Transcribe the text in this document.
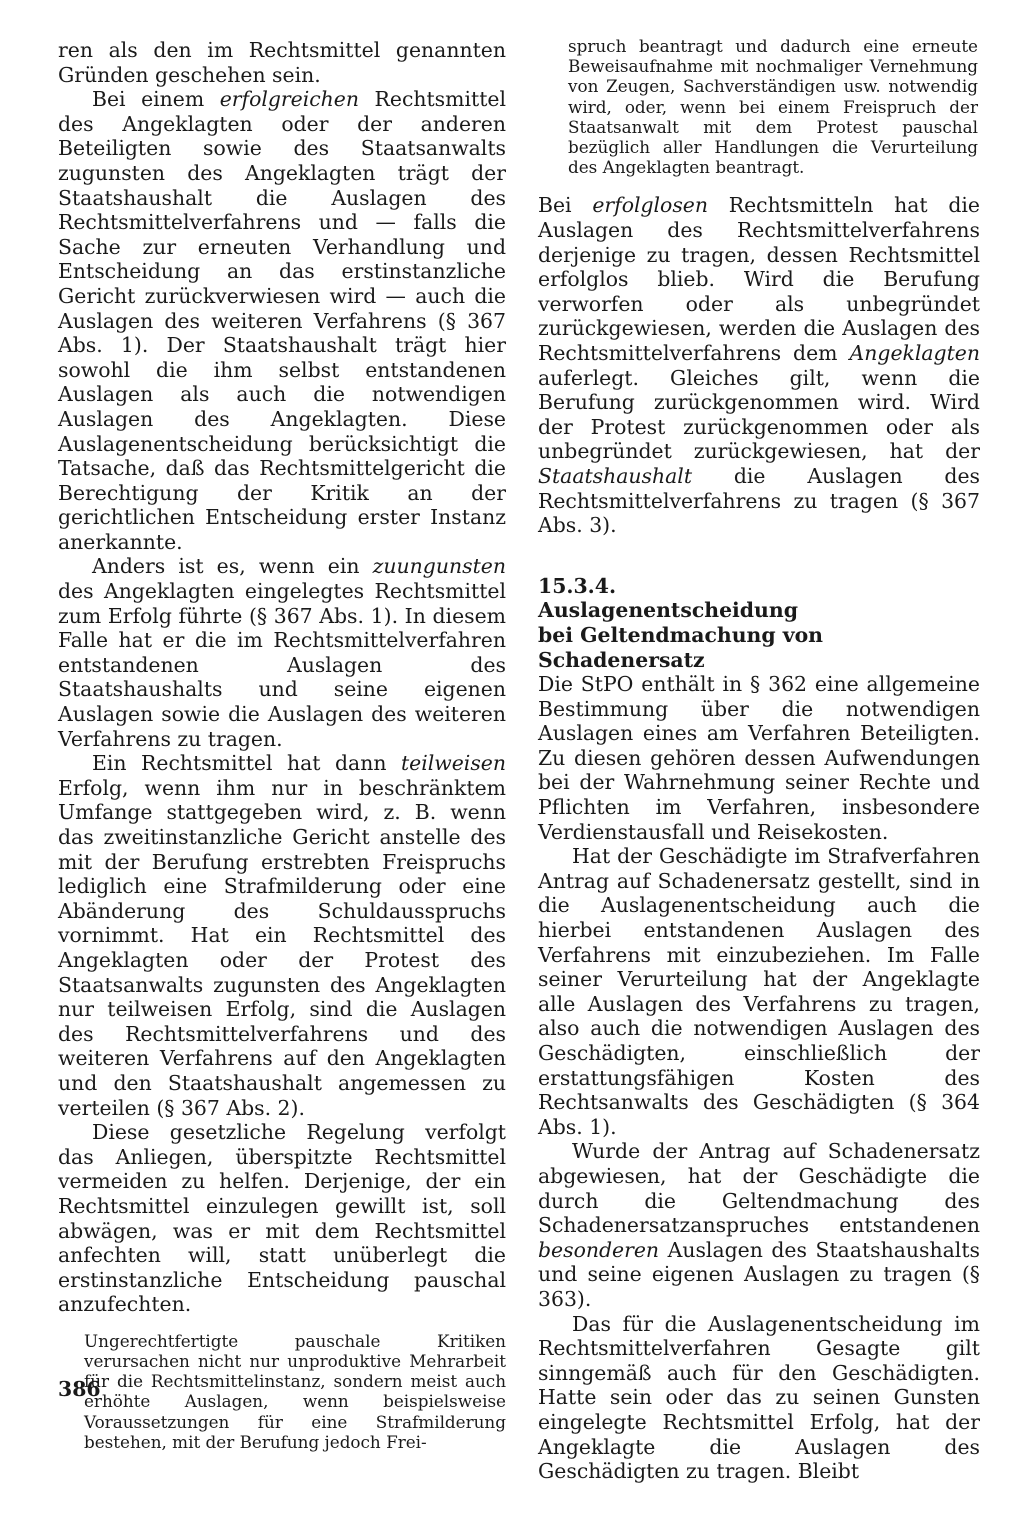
ren als den im Rechtsmittel genannten Gründen geschehen sein.

Bei einem erfolgreichen Rechtsmittel des Angeklagten oder der anderen Beteiligten sowie des Staatsanwalts zugunsten des Angeklagten trägt der Staatshaushalt die Auslagen des Rechtsmittelverfahrens und — falls die Sache zur erneuten Verhandlung und Entscheidung an das erstinstanzliche Gericht zurückverwiesen wird — auch die Auslagen des weiteren Verfahrens (§ 367 Abs. 1). Der Staatshaushalt trägt hier sowohl die ihm selbst entstandenen Auslagen als auch die notwendigen Auslagen des Angeklagten. Diese Auslagenentscheidung berücksichtigt die Tatsache, daß das Rechtsmittelgericht die Berechtigung der Kritik an der gerichtlichen Entscheidung erster Instanz anerkannte.

Anders ist es, wenn ein zuungunsten des Angeklagten eingelegtes Rechtsmittel zum Erfolg führte (§ 367 Abs. 1). In diesem Falle hat er die im Rechtsmittelverfahren entstandenen Auslagen des Staatshaushalts und seine eigenen Auslagen sowie die Auslagen des weiteren Verfahrens zu tragen.

Ein Rechtsmittel hat dann teilweisen Erfolg, wenn ihm nur in beschränktem Umfange stattgegeben wird, z. B. wenn das zweitinstanzliche Gericht anstelle des mit der Berufung erstrebten Freispruchs lediglich eine Strafmilderung oder eine Abänderung des Schuldausspruchs vornimmt. Hat ein Rechtsmittel des Angeklagten oder der Protest des Staatsanwalts zugunsten des Angeklagten nur teilweisen Erfolg, sind die Auslagen des Rechtsmittelverfahrens und des weiteren Verfahrens auf den Angeklagten und den Staatshaushalt angemessen zu verteilen (§ 367 Abs. 2).

Diese gesetzliche Regelung verfolgt das Anliegen, überspitzte Rechtsmittel vermeiden zu helfen. Derjenige, der ein Rechtsmittel einzulegen gewillt ist, soll abwägen, was er mit dem Rechtsmittel anfechten will, statt unüberlegt die erstinstanzliche Entscheidung pauschal anzufechten.

Ungerechtfertigte pauschale Kritiken verursachen nicht nur unproduktive Mehrarbeit für die Rechtsmittelinstanz, sondern meist auch erhöhte Auslagen, wenn beispielsweise Voraussetzungen für eine Strafmilderung bestehen, mit der Berufung jedoch Frei-

spruch beantragt und dadurch eine erneute Beweisaufnahme mit nochmaliger Vernehmung von Zeugen, Sachverständigen usw. notwendig wird, oder, wenn bei einem Freispruch der Staatsanwalt mit dem Protest pauschal bezüglich aller Handlungen die Verurteilung des Angeklagten beantragt.

Bei erfolglosen Rechtsmitteln hat die Auslagen des Rechtsmittelverfahrens derjenige zu tragen, dessen Rechtsmittel erfolglos blieb. Wird die Berufung verworfen oder als unbegründet zurückgewiesen, werden die Auslagen des Rechtsmittelverfahrens dem Angeklagten auferlegt. Gleiches gilt, wenn die Berufung zurückgenommen wird. Wird der Protest zurückgenommen oder als unbegründet zurückgewiesen, hat der Staatshaushalt die Auslagen des Rechtsmittelverfahrens zu tragen (§ 367 Abs. 3).

15.3.4.

Auslagenentscheidung

bei Geltendmachung von Schadenersatz

Die StPO enthält in § 362 eine allgemeine Bestimmung über die notwendigen Auslagen eines am Verfahren Beteiligten. Zu diesen gehören dessen Aufwendungen bei der Wahrnehmung seiner Rechte und Pflichten im Verfahren, insbesondere Verdienstausfall und Reisekosten.

Hat der Geschädigte im Strafverfahren Antrag auf Schadenersatz gestellt, sind in die Auslagenentscheidung auch die hierbei entstandenen Auslagen des Verfahrens mit einzubeziehen. Im Falle seiner Verurteilung hat der Angeklagte alle Auslagen des Verfahrens zu tragen, also auch die notwendigen Auslagen des Geschädigten, einschließlich der erstattungsfähigen Kosten des Rechtsanwalts des Geschädigten (§ 364 Abs. 1).

Wurde der Antrag auf Schadenersatz abgewiesen, hat der Geschädigte die durch die Geltendmachung des Schadenersatzanspruches entstandenen besonderen Auslagen des Staatshaushalts und seine eigenen Auslagen zu tragen (§ 363).

Das für die Auslagenentscheidung im Rechtsmittelverfahren Gesagte gilt sinngemäß auch für den Geschädigten. Hatte sein oder das zu seinen Gunsten eingelegte Rechtsmittel Erfolg, hat der Angeklagte die Auslagen des Geschädigten zu tragen. Bleibt

386
